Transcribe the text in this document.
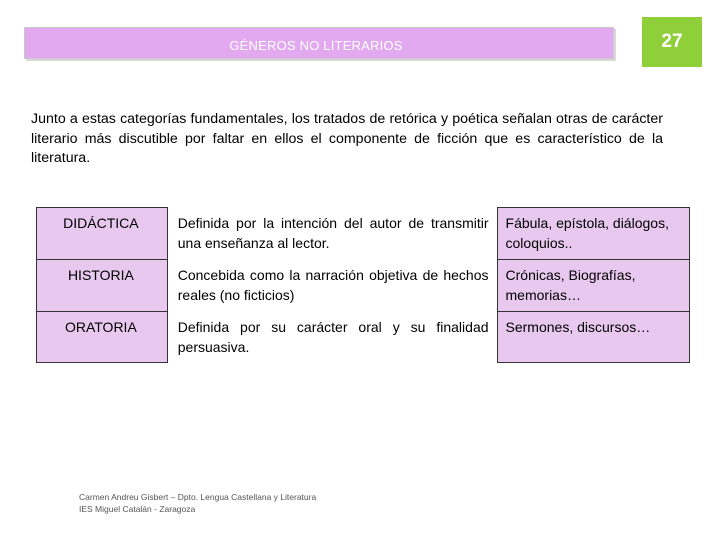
GÉNEROS NO LITERARIOS	27

Junto a estas categorías fundamentales, los tratados de retórica y poética señalan otras de carácter literario más discutible por faltar en ellos el componente de ficción que es característico de la literatura.

DIDÁCTICA	Definida por la intención del autor de transmitir una enseñanza al lector.	Fábula, epístola, diálogos, coloquios..
HISTORIA	Concebida como la narración objetiva de hechos reales (no ficticios)	Crónicas, Biografías, memorias…
ORATORIA	Definida por su carácter oral y su finalidad persuasiva.	Sermones, discursos…
Carmen Andreu Gisbert – Dpto. Lengua Castellana y Literatura
IES Miguel Catalán - Zaragoza
